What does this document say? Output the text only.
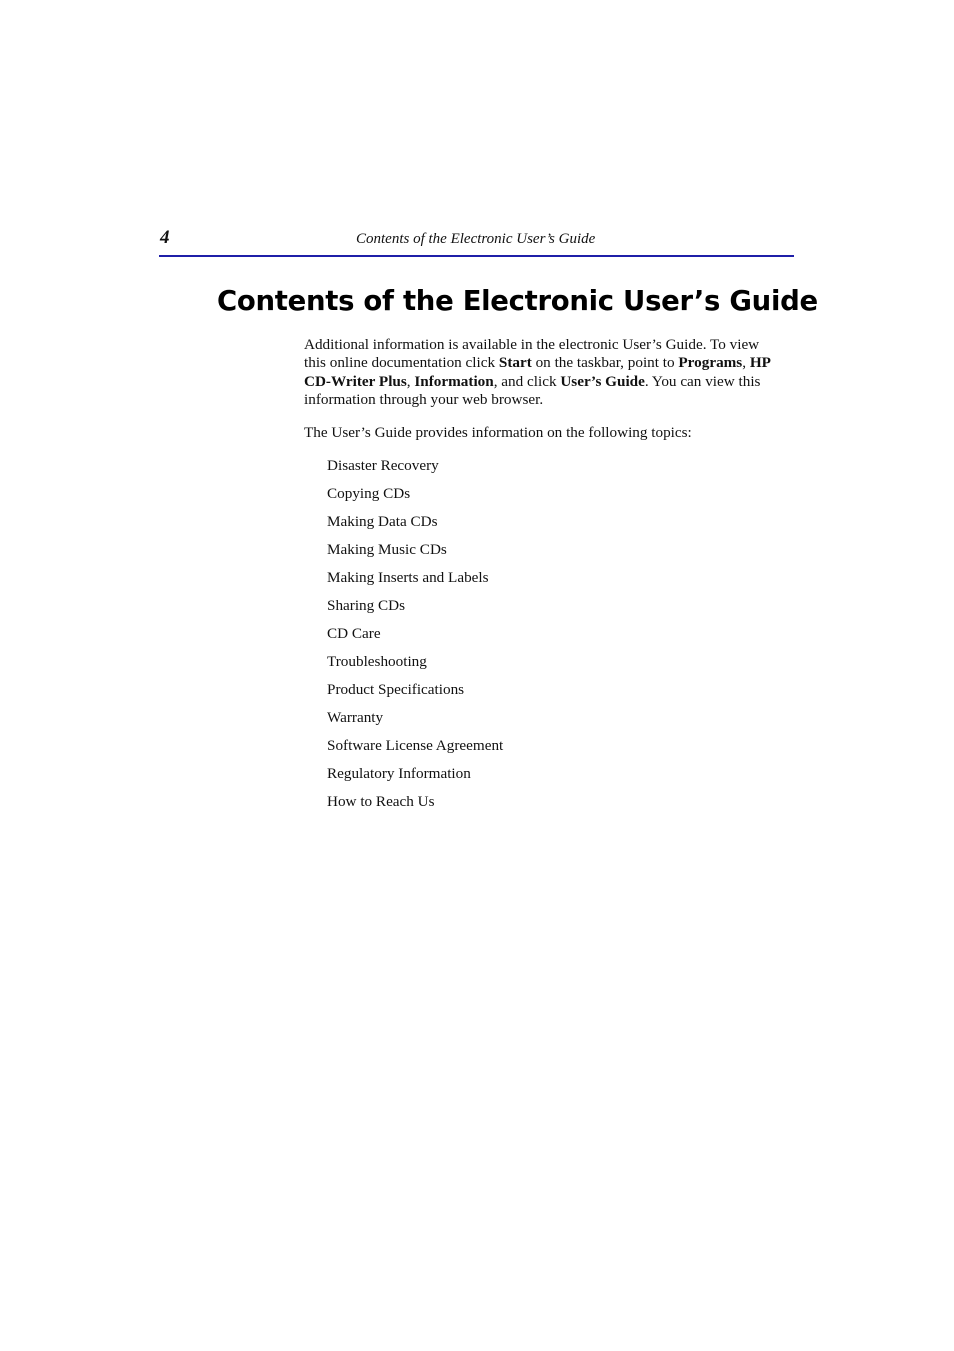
4	Contents of the Electronic User’s Guide
Contents of the Electronic User’s Guide

Additional information is available in the electronic User’s Guide. To view this online documentation click Start on the taskbar, point to Programs, HP CD-Writer Plus, Information, and click User’s Guide. You can view this information through your web browser.

The User’s Guide provides information on the following topics:

Disaster Recovery
Copying CDs
Making Data CDs
Making Music CDs
Making Inserts and Labels
Sharing CDs
CD Care
Troubleshooting
Product Specifications
Warranty
Software License Agreement
Regulatory Information
How to Reach Us
